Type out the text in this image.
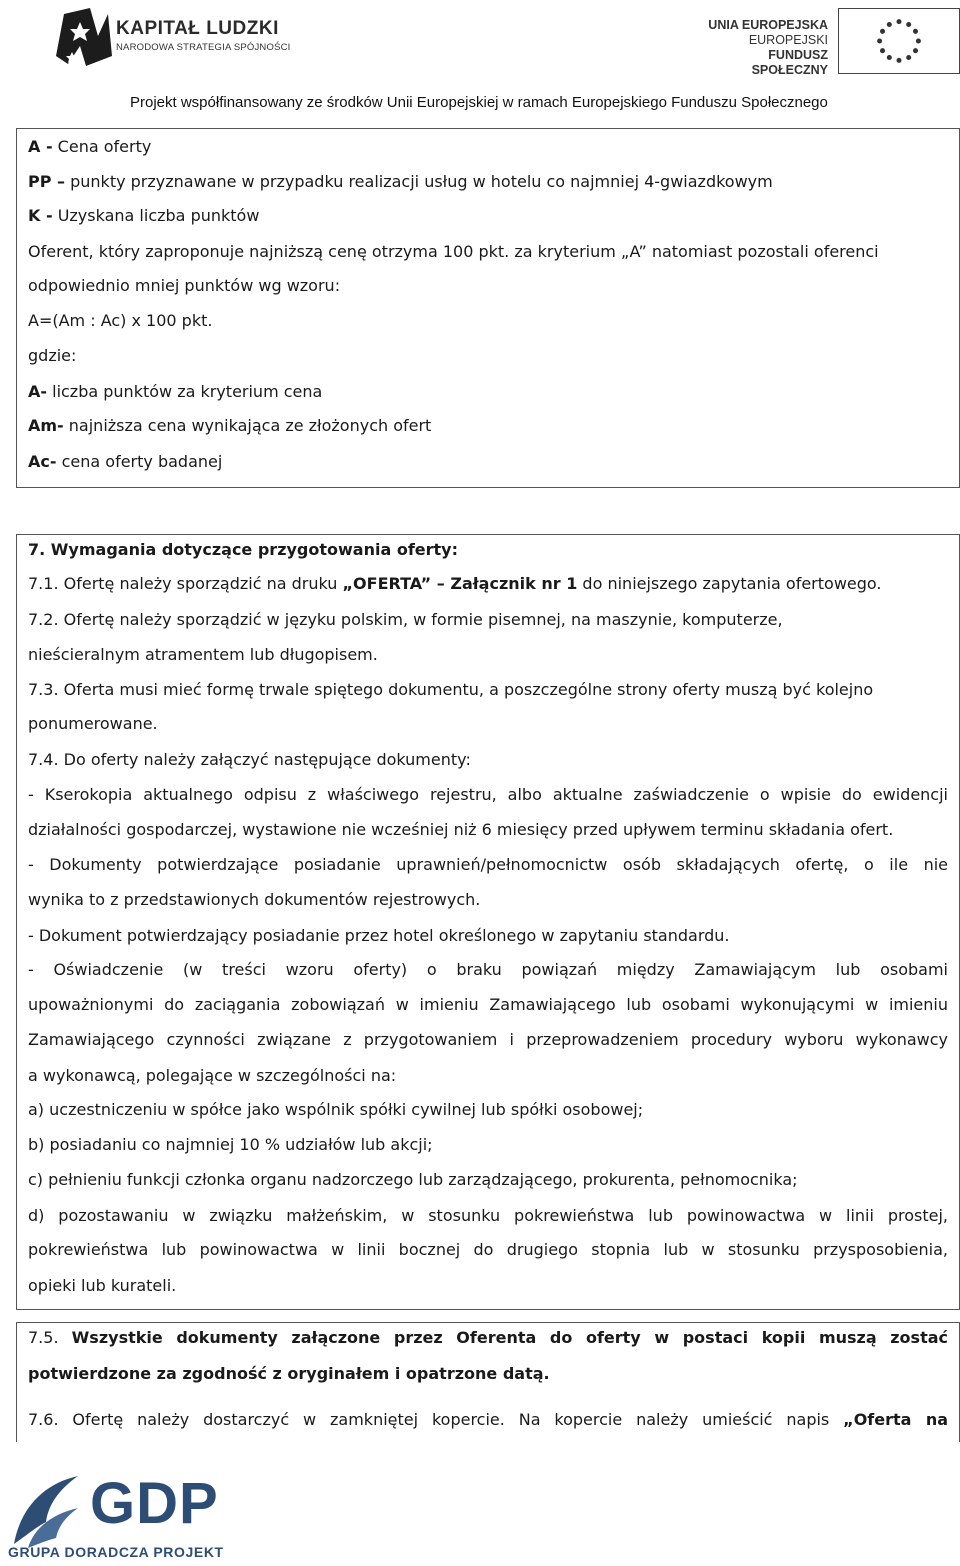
KAPITAŁ LUDZKI
NARODOWA STRATEGIA SPÓJNOŚCI
UNIA EUROPEJSKA
EUROPEJSKI
FUNDUSZ SPOŁECZNY
Projekt współfinansowany ze środków Unii Europejskiej w ramach Europejskiego Funduszu Społecznego
A - Cena oferty
PP – punkty przyznawane w przypadku realizacji usług w hotelu co najmniej 4-gwiazdkowym
K - Uzyskana liczba punktów
Oferent, który zaproponuje najniższą cenę otrzyma 100 pkt. za kryterium „A” natomiast pozostali oferenci
odpowiednio mniej punktów wg wzoru:
A=(Am : Ac) x 100 pkt.
gdzie:
A- liczba punktów za kryterium cena
Am- najniższa cena wynikająca ze złożonych ofert
Ac- cena oferty badanej
7. Wymagania dotyczące przygotowania oferty:
7.1. Ofertę należy sporządzić na druku „OFERTA” – Załącznik nr 1 do niniejszego zapytania ofertowego.
7.2. Ofertę należy sporządzić w języku polskim, w formie pisemnej, na maszynie, komputerze,
nieścieralnym atramentem lub długopisem.
7.3. Oferta musi mieć formę trwale spiętego dokumentu, a poszczególne strony oferty muszą być kolejno
ponumerowane.
7.4. Do oferty należy załączyć następujące dokumenty:
- Kserokopia aktualnego odpisu z właściwego rejestru, albo aktualne zaświadczenie o wpisie do ewidencji
działalności gospodarczej, wystawione nie wcześniej niż 6 miesięcy przed upływem terminu składania ofert.
- Dokumenty potwierdzające posiadanie uprawnień/pełnomocnictw osób składających ofertę, o ile nie
wynika to z przedstawionych dokumentów rejestrowych.
- Dokument potwierdzający posiadanie przez hotel określonego w zapytaniu standardu.
- Oświadczenie (w treści wzoru oferty) o braku powiązań między Zamawiającym lub osobami
upoważnionymi do zaciągania zobowiązań w imieniu Zamawiającego lub osobami wykonującymi w imieniu
Zamawiającego czynności związane z przygotowaniem i przeprowadzeniem procedury wyboru wykonawcy
a wykonawcą, polegające w szczególności na:
a) uczestniczeniu w spółce jako wspólnik spółki cywilnej lub spółki osobowej;
b) posiadaniu co najmniej 10 % udziałów lub akcji;
c) pełnieniu funkcji członka organu nadzorczego lub zarządzającego, prokurenta, pełnomocnika;
d) pozostawaniu w związku małżeńskim, w stosunku pokrewieństwa lub powinowactwa w linii prostej,
pokrewieństwa lub powinowactwa w linii bocznej do drugiego stopnia lub w stosunku przysposobienia,
opieki lub kurateli.
7.5. Wszystkie dokumenty załączone przez Oferenta do oferty w postaci kopii muszą zostać
potwierdzone za zgodność z oryginałem i opatrzone datą.
7.6. Ofertę należy dostarczyć w zamkniętej kopercie. Na kopercie należy umieścić napis „Oferta na
GDP
GRUPA DORADCZA PROJEKT
